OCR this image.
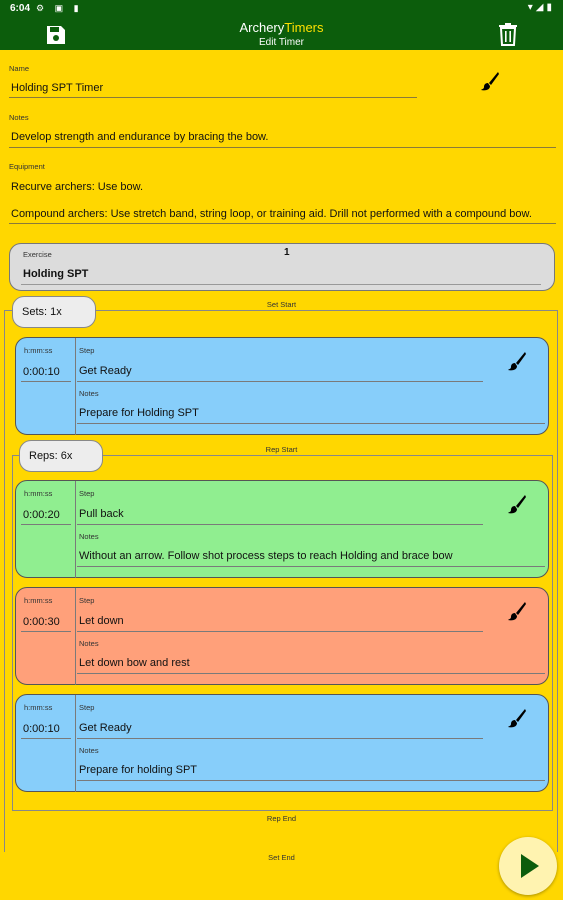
6:04 ⚙ ▣ ▮	▾◢▮
ArcheryTimers
Edit Timer
Name
Holding SPT Timer
Notes
Develop strength and endurance by bracing the bow.
Equipment
Recurve archers: Use bow.
Compound archers: Use stretch band, string loop, or training aid. Drill not performed with a compound bow.
Exercise	1
Holding SPT
Set Start
Sets: 1x
h:mm:ss
0:00:10
Step
Get Ready
Notes
Prepare for Holding SPT
Rep Start
Reps: 6x
Rep End
h:mm:ss
0:00:20
Step
Pull back
Notes
Without an arrow. Follow shot process steps to reach Holding and brace bow
h:mm:ss
0:00:30
Step
Let down
Notes
Let down bow and rest
h:mm:ss
0:00:10
Step
Get Ready
Notes
Prepare for holding SPT
Set End
